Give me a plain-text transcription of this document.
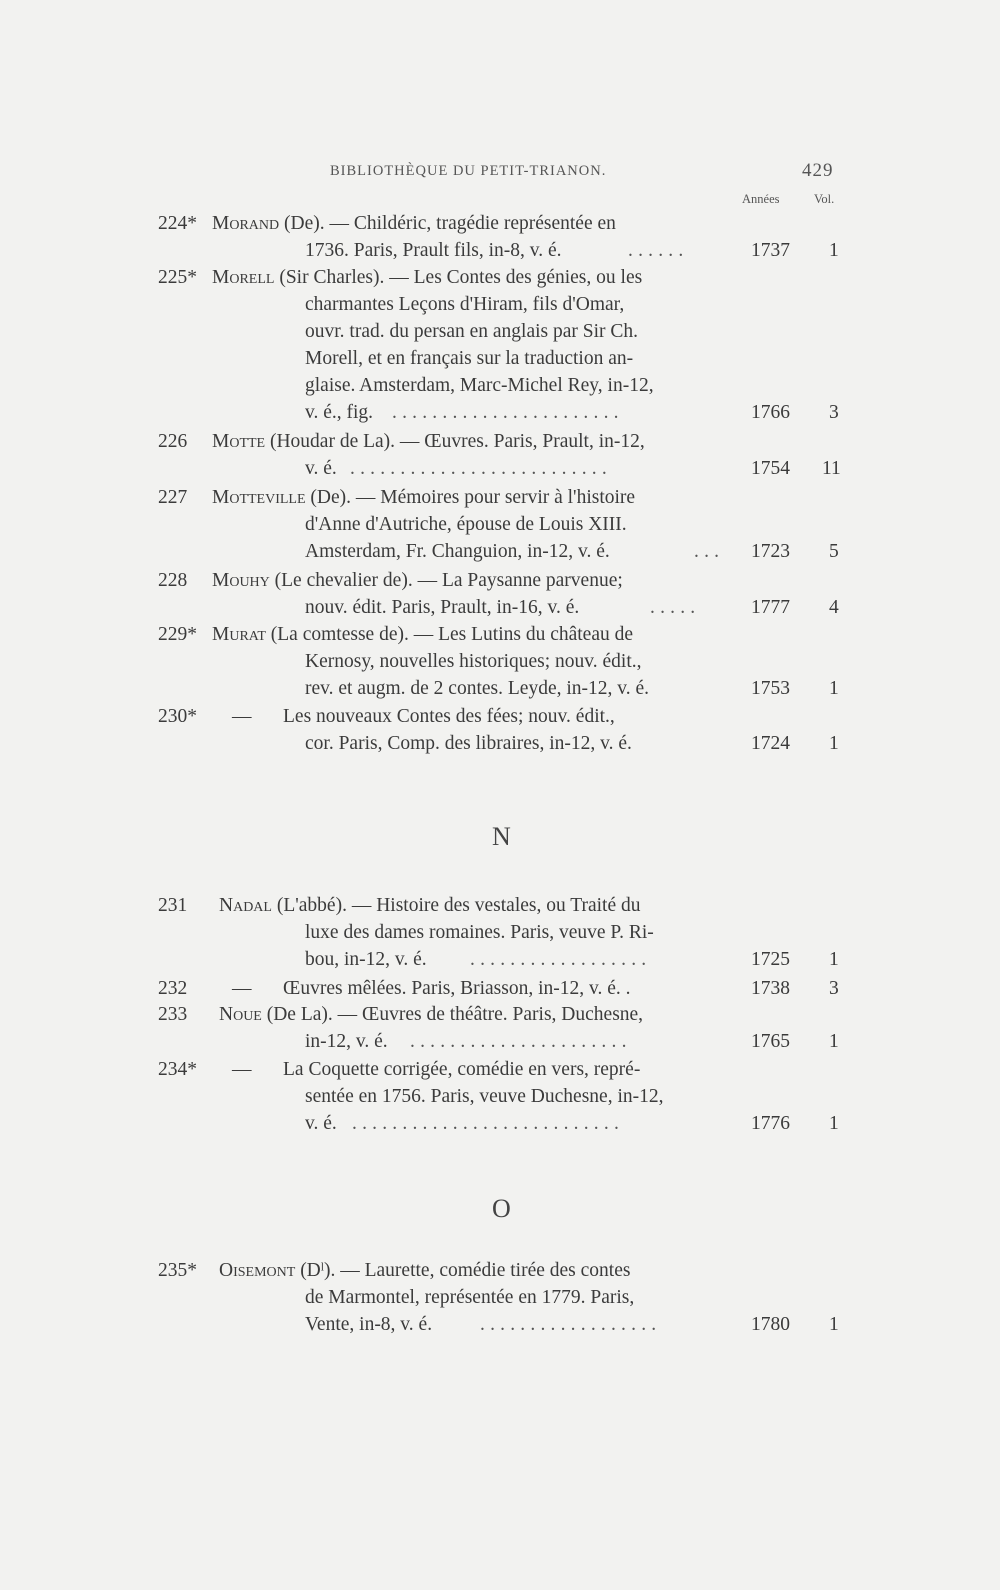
BIBLIOTHÈQUE DU PETIT-TRIANON.	429
Années	Vol.
224* Morand (De). — Childéric, tragédie représentée en
1736. Paris, Prault fils, in-8, v. é.	......	1737 1
225* Morell (Sir Charles). — Les Contes des génies, ou les
charmantes Leçons d'Hiram, fils d'Omar,
ouvr. trad. du persan en anglais par Sir Ch.
Morell, et en français sur la traduction an-
glaise. Amsterdam, Marc-Michel Rey, in-12,
v. é., fig. .......................	1766 3
226 Motte (Houdar de La). — Œuvres. Paris, Prault, in-12,
v. é. ..........................	1754 11
227 Motteville (De). — Mémoires pour servir à l'histoire
d'Anne d'Autriche, épouse de Louis XIII.
Amsterdam, Fr. Changuion, in-12, v. é.	...	1723 5
228 Mouhy (Le chevalier de). — La Paysanne parvenue;
nouv. édit. Paris, Prault, in-16, v. é.	.....	1777 4
229* Murat (La comtesse de). — Les Lutins du château de
Kernosy, nouvelles historiques; nouv. édit.,
rev. et augm. de 2 contes. Leyde, in-12, v. é.	1753 1
230* — Les nouveaux Contes des fées; nouv. édit.,
cor. Paris, Comp. des libraires, in-12, v. é.	1724 1
N
231 Nadal (L'abbé). — Histoire des vestales, ou Traité du
luxe des dames romaines. Paris, veuve P. Ri-
bou, in-12, v. é. ..................	1725 1
232 — Œuvres mêlées. Paris, Briasson, in-12, v. é. .	1738 3
233 Noue (De La). — Œuvres de théâtre. Paris, Duchesne,
in-12, v. é. ......................	1765 1
234* — La Coquette corrigée, comédie en vers, repré-
sentée en 1756. Paris, veuve Duchesne, in-12,
v. é. ...........................	1776 1
O
235* Oisemont (Dˡ). — Laurette, comédie tirée des contes
de Marmontel, représentée en 1779. Paris,
Vente, in-8, v. é. ..................	1780 1
